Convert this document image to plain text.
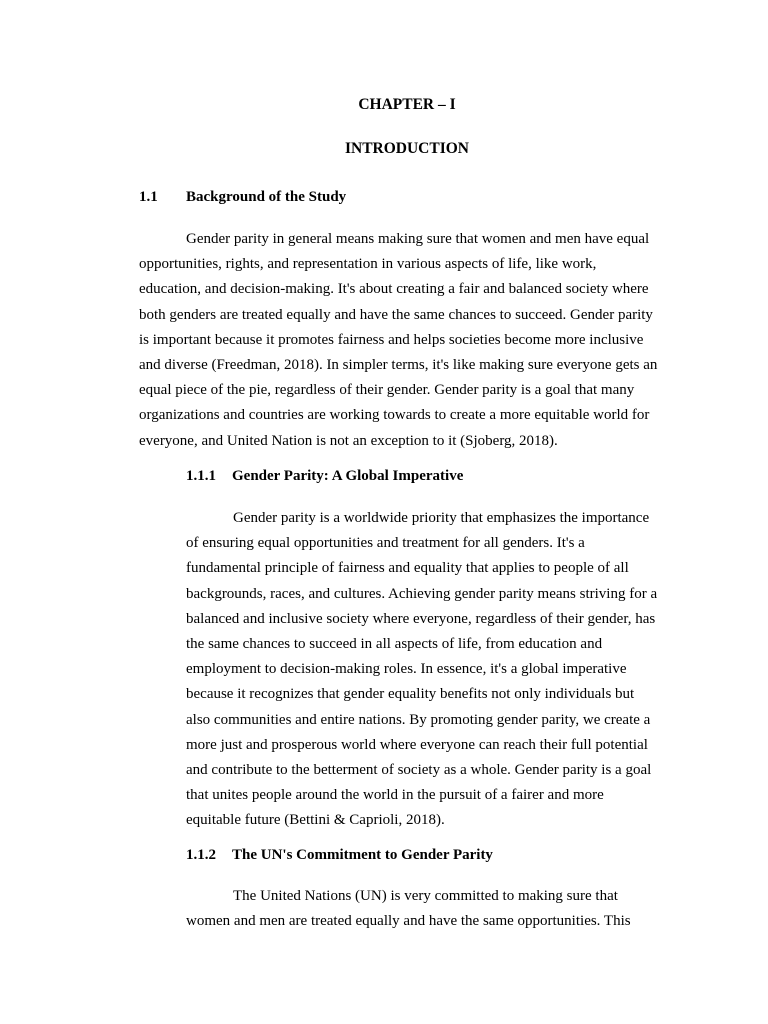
CHAPTER – I

INTRODUCTION

1.1 Background of the Study
Gender parity in general means making sure that women and men have equal
opportunities, rights, and representation in various aspects of life, like work,
education, and decision-making. It's about creating a fair and balanced society where
both genders are treated equally and have the same chances to succeed. Gender parity
is important because it promotes fairness and helps societies become more inclusive
and diverse (Freedman, 2018). In simpler terms, it's like making sure everyone gets an
equal piece of the pie, regardless of their gender. Gender parity is a goal that many
organizations and countries are working towards to create a more equitable world for
everyone, and United Nation is not an exception to it (Sjoberg, 2018).
1.1.1 Gender Parity: A Global Imperative
Gender parity is a worldwide priority that emphasizes the importance
of ensuring equal opportunities and treatment for all genders. It's a
fundamental principle of fairness and equality that applies to people of all
backgrounds, races, and cultures. Achieving gender parity means striving for a
balanced and inclusive society where everyone, regardless of their gender, has
the same chances to succeed in all aspects of life, from education and
employment to decision-making roles. In essence, it's a global imperative
because it recognizes that gender equality benefits not only individuals but
also communities and entire nations. By promoting gender parity, we create a
more just and prosperous world where everyone can reach their full potential
and contribute to the betterment of society as a whole. Gender parity is a goal
that unites people around the world in the pursuit of a fairer and more
equitable future (Bettini & Caprioli, 2018).
1.1.2 The UN's Commitment to Gender Parity
The United Nations (UN) is very committed to making sure that
women and men are treated equally and have the same opportunities. This
